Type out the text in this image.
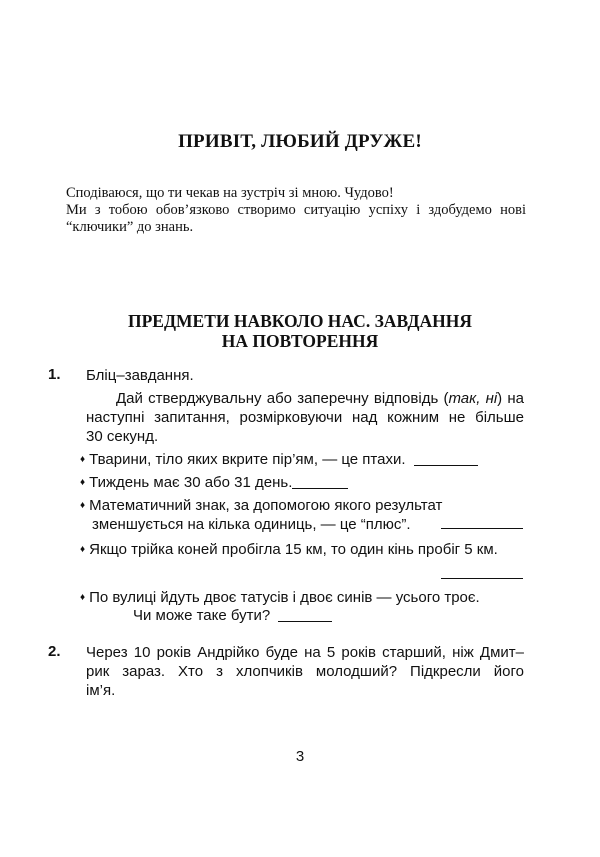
ПРИВІТ, ЛЮБИЙ ДРУЖЕ!
Сподіваюся, що ти чекав на зустріч зі мною. Чудово!
Ми з тобою обов’язково створимо ситуацію успіху і здобудемо нові
“ключики” до знань.
ПРЕДМЕТИ НАВКОЛО НАС. ЗАВДАННЯ
НА ПОВТОРЕННЯ
1. Бліц–завдання.
Дай стверджувальну або заперечну відповідь (так, ні) на
наступні запитання, розмірковуючи над кожним не більше
30 секунд.
♦ Тварини, тіло яких вкрите пір’ям, — це птахи.
♦ Тиждень має 30 або 31 день.
♦ Математичний знак, за допомогою якого результат
зменшується на кілька одиниць, — це “плюс”.
♦ Якщо трійка коней пробігла 15 км, то один кінь пробіг 5 км.
♦ По вулиці йдуть двоє татусів і двоє синів — усього троє.
Чи може таке бути?
2. Через 10 років Андрійко буде на 5 років старший, ніж Дмит–
рик зараз. Хто з хлопчиків молодший? Підкресли його
ім’я.
3
